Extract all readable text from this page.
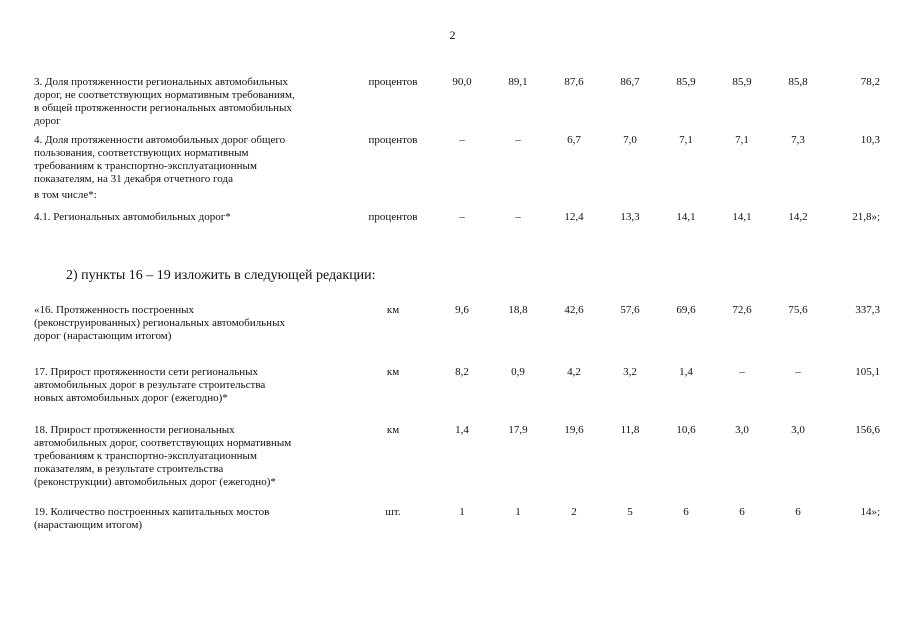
2
3. Доля протяженности региональных автомобильных
дорог, не соответствующих нормативным требованиям,
в общей протяженности региональных автомобильных
дорог	процентов	90,0	89,1	87,6	86,7	85,9	85,9	85,8	78,2

4. Доля протяженности автомобильных дорог общего
пользования, соответствующих нормативным
требованиям к транспортно-эксплуатационным
показателям, на 31 декабря отчетного года	процентов	–	–	6,7	7,0	7,1	7,1	7,3	10,3

в том числе*:									

4.1. Региональных автомобильных дорог*	процентов	–	–	12,4	13,3	14,1	14,1	14,2	21,8»;
2) пункты 16 – 19 изложить в следующей редакции:
«16. Протяженность построенных
(реконструированных) региональных автомобильных
дорог (нарастающим итогом)	км	9,6	18,8	42,6	57,6	69,6	72,6	75,6	337,3

17. Прирост протяженности сети региональных
автомобильных дорог в результате строительства
новых автомобильных дорог (ежегодно)*	км	8,2	0,9	4,2	3,2	1,4	–	–	105,1

18. Прирост протяженности региональных
автомобильных дорог, соответствующих нормативным
требованиям к транспортно-эксплуатационным
показателям, в результате строительства
(реконструкции) автомобильных дорог (ежегодно)*	км	1,4	17,9	19,6	11,8	10,6	3,0	3,0	156,6

19. Количество построенных капитальных мостов
(нарастающим итогом)	шт.	1	1	2	5	6	6	6	14»;
